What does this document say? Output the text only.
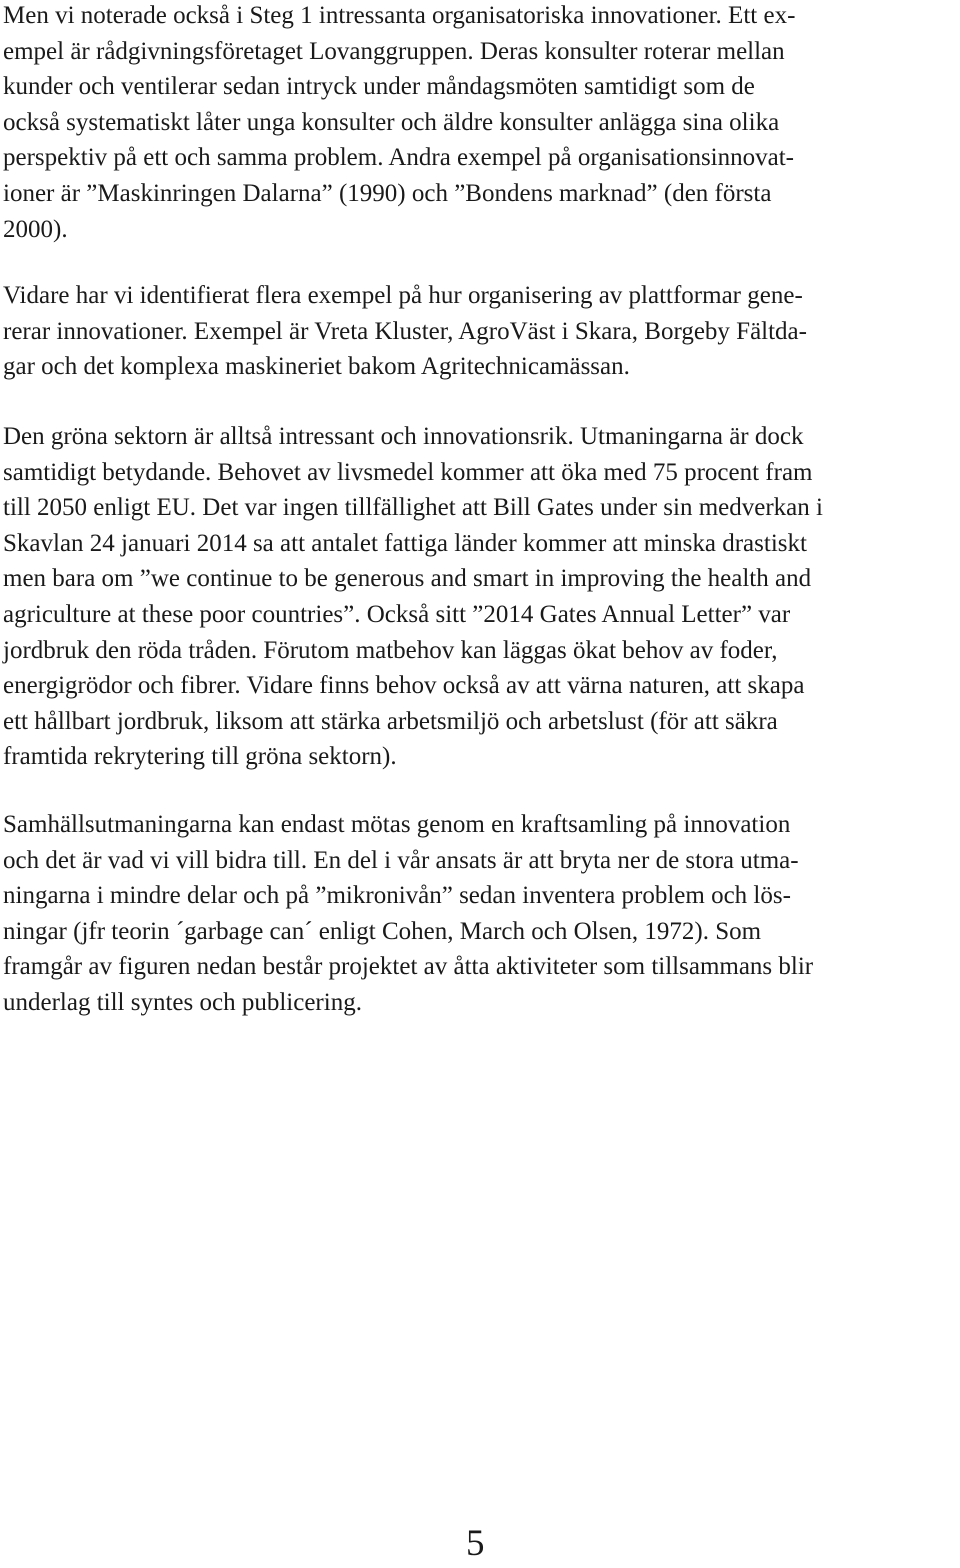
Men vi noterade också i Steg 1 intressanta organisatoriska innovationer. Ett ex-
empel är rådgivningsföretaget Lovanggruppen. Deras konsulter roterar mellan
kunder och ventilerar sedan intryck under måndagsmöten samtidigt som de
också systematiskt låter unga konsulter och äldre konsulter anlägga sina olika
perspektiv på ett och samma problem. Andra exempel på organisationsinnovat-
ioner är ”Maskinringen Dalarna” (1990) och ”Bondens marknad” (den första
2000).
Vidare har vi identifierat flera exempel på hur organisering av plattformar gene-
rerar innovationer. Exempel är Vreta Kluster, AgroVäst i Skara, Borgeby Fältda-
gar och det komplexa maskineriet bakom Agritechnicamässan.
Den gröna sektorn är alltså intressant och innovationsrik. Utmaningarna är dock
samtidigt betydande. Behovet av livsmedel kommer att öka med 75 procent fram
till 2050 enligt EU. Det var ingen tillfällighet att Bill Gates under sin medverkan i
Skavlan 24 januari 2014 sa att antalet fattiga länder kommer att minska drastiskt
men bara om ”we continue to be generous and smart in improving the health and
agriculture at these poor countries”. Också sitt ”2014 Gates Annual Letter” var
jordbruk den röda tråden. Förutom matbehov kan läggas ökat behov av foder,
energigrödor och fibrer. Vidare finns behov också av att värna naturen, att skapa
ett hållbart jordbruk, liksom att stärka arbetsmiljö och arbetslust (för att säkra
framtida rekrytering till gröna sektorn).
Samhällsutmaningarna kan endast mötas genom en kraftsamling på innovation
och det är vad vi vill bidra till. En del i vår ansats är att bryta ner de stora utma-
ningarna i mindre delar och på ”mikronivån” sedan inventera problem och lös-
ningar (jfr teorin ´garbage can´ enligt Cohen, March och Olsen, 1972). Som
framgår av figuren nedan består projektet av åtta aktiviteter som tillsammans blir
underlag till syntes och publicering.
5
